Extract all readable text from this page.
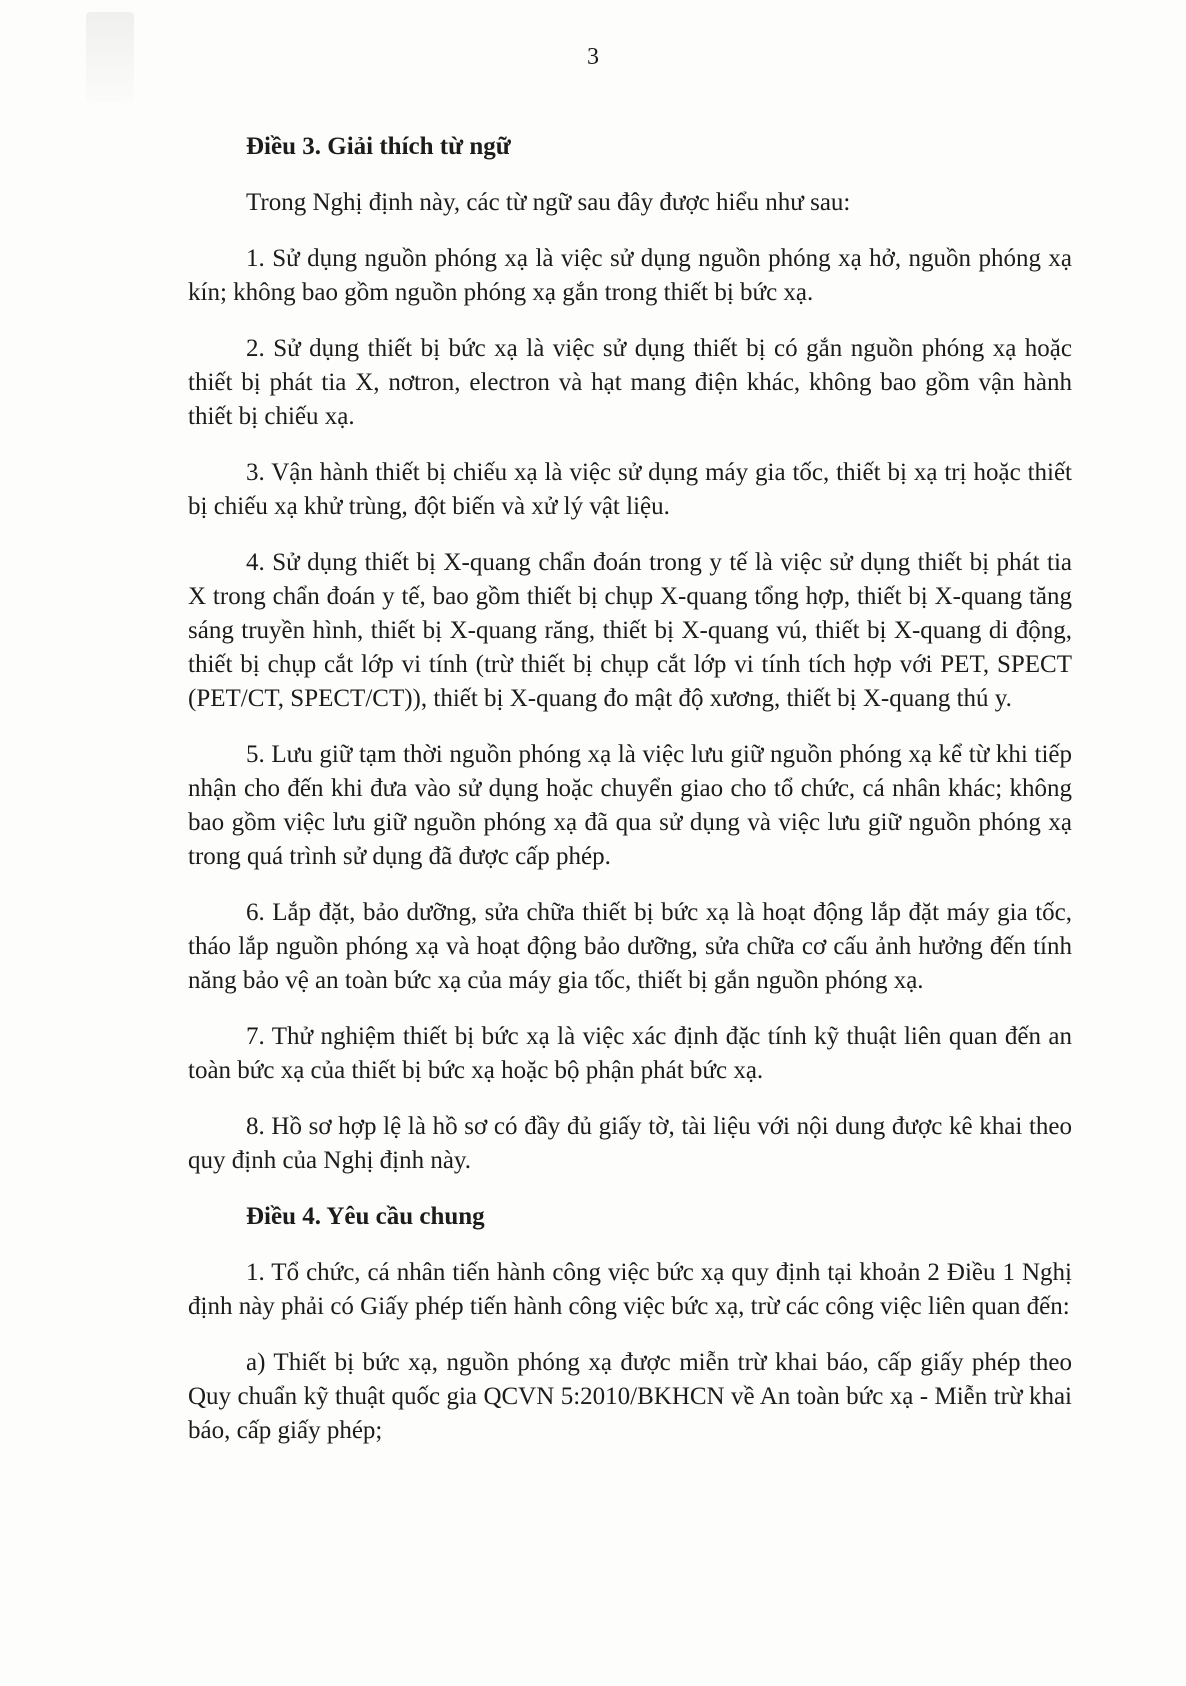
3

Điều 3. Giải thích từ ngữ

Trong Nghị định này, các từ ngữ sau đây được hiểu như sau:

1. Sử dụng nguồn phóng xạ là việc sử dụng nguồn phóng xạ hở, nguồn phóng xạ kín; không bao gồm nguồn phóng xạ gắn trong thiết bị bức xạ.

2. Sử dụng thiết bị bức xạ là việc sử dụng thiết bị có gắn nguồn phóng xạ hoặc thiết bị phát tia X, nơtron, electron và hạt mang điện khác, không bao gồm vận hành thiết bị chiếu xạ.

3. Vận hành thiết bị chiếu xạ là việc sử dụng máy gia tốc, thiết bị xạ trị hoặc thiết bị chiếu xạ khử trùng, đột biến và xử lý vật liệu.

4. Sử dụng thiết bị X-quang chẩn đoán trong y tế là việc sử dụng thiết bị phát tia X trong chẩn đoán y tế, bao gồm thiết bị chụp X-quang tổng hợp, thiết bị X-quang tăng sáng truyền hình, thiết bị X-quang răng, thiết bị X-quang vú, thiết bị X-quang di động, thiết bị chụp cắt lớp vi tính (trừ thiết bị chụp cắt lớp vi tính tích hợp với PET, SPECT (PET/CT, SPECT/CT)), thiết bị X-quang đo mật độ xương, thiết bị X-quang thú y.

5. Lưu giữ tạm thời nguồn phóng xạ là việc lưu giữ nguồn phóng xạ kể từ khi tiếp nhận cho đến khi đưa vào sử dụng hoặc chuyển giao cho tổ chức, cá nhân khác; không bao gồm việc lưu giữ nguồn phóng xạ đã qua sử dụng và việc lưu giữ nguồn phóng xạ trong quá trình sử dụng đã được cấp phép.

6. Lắp đặt, bảo dưỡng, sửa chữa thiết bị bức xạ là hoạt động lắp đặt máy gia tốc, tháo lắp nguồn phóng xạ và hoạt động bảo dưỡng, sửa chữa cơ cấu ảnh hưởng đến tính năng bảo vệ an toàn bức xạ của máy gia tốc, thiết bị gắn nguồn phóng xạ.

7. Thử nghiệm thiết bị bức xạ là việc xác định đặc tính kỹ thuật liên quan đến an toàn bức xạ của thiết bị bức xạ hoặc bộ phận phát bức xạ.

8. Hồ sơ hợp lệ là hồ sơ có đầy đủ giấy tờ, tài liệu với nội dung được kê khai theo quy định của Nghị định này.

Điều 4. Yêu cầu chung

1. Tổ chức, cá nhân tiến hành công việc bức xạ quy định tại khoản 2 Điều 1 Nghị định này phải có Giấy phép tiến hành công việc bức xạ, trừ các công việc liên quan đến:

a) Thiết bị bức xạ, nguồn phóng xạ được miễn trừ khai báo, cấp giấy phép theo Quy chuẩn kỹ thuật quốc gia QCVN 5:2010/BKHCN về An toàn bức xạ - Miễn trừ khai báo, cấp giấy phép;
